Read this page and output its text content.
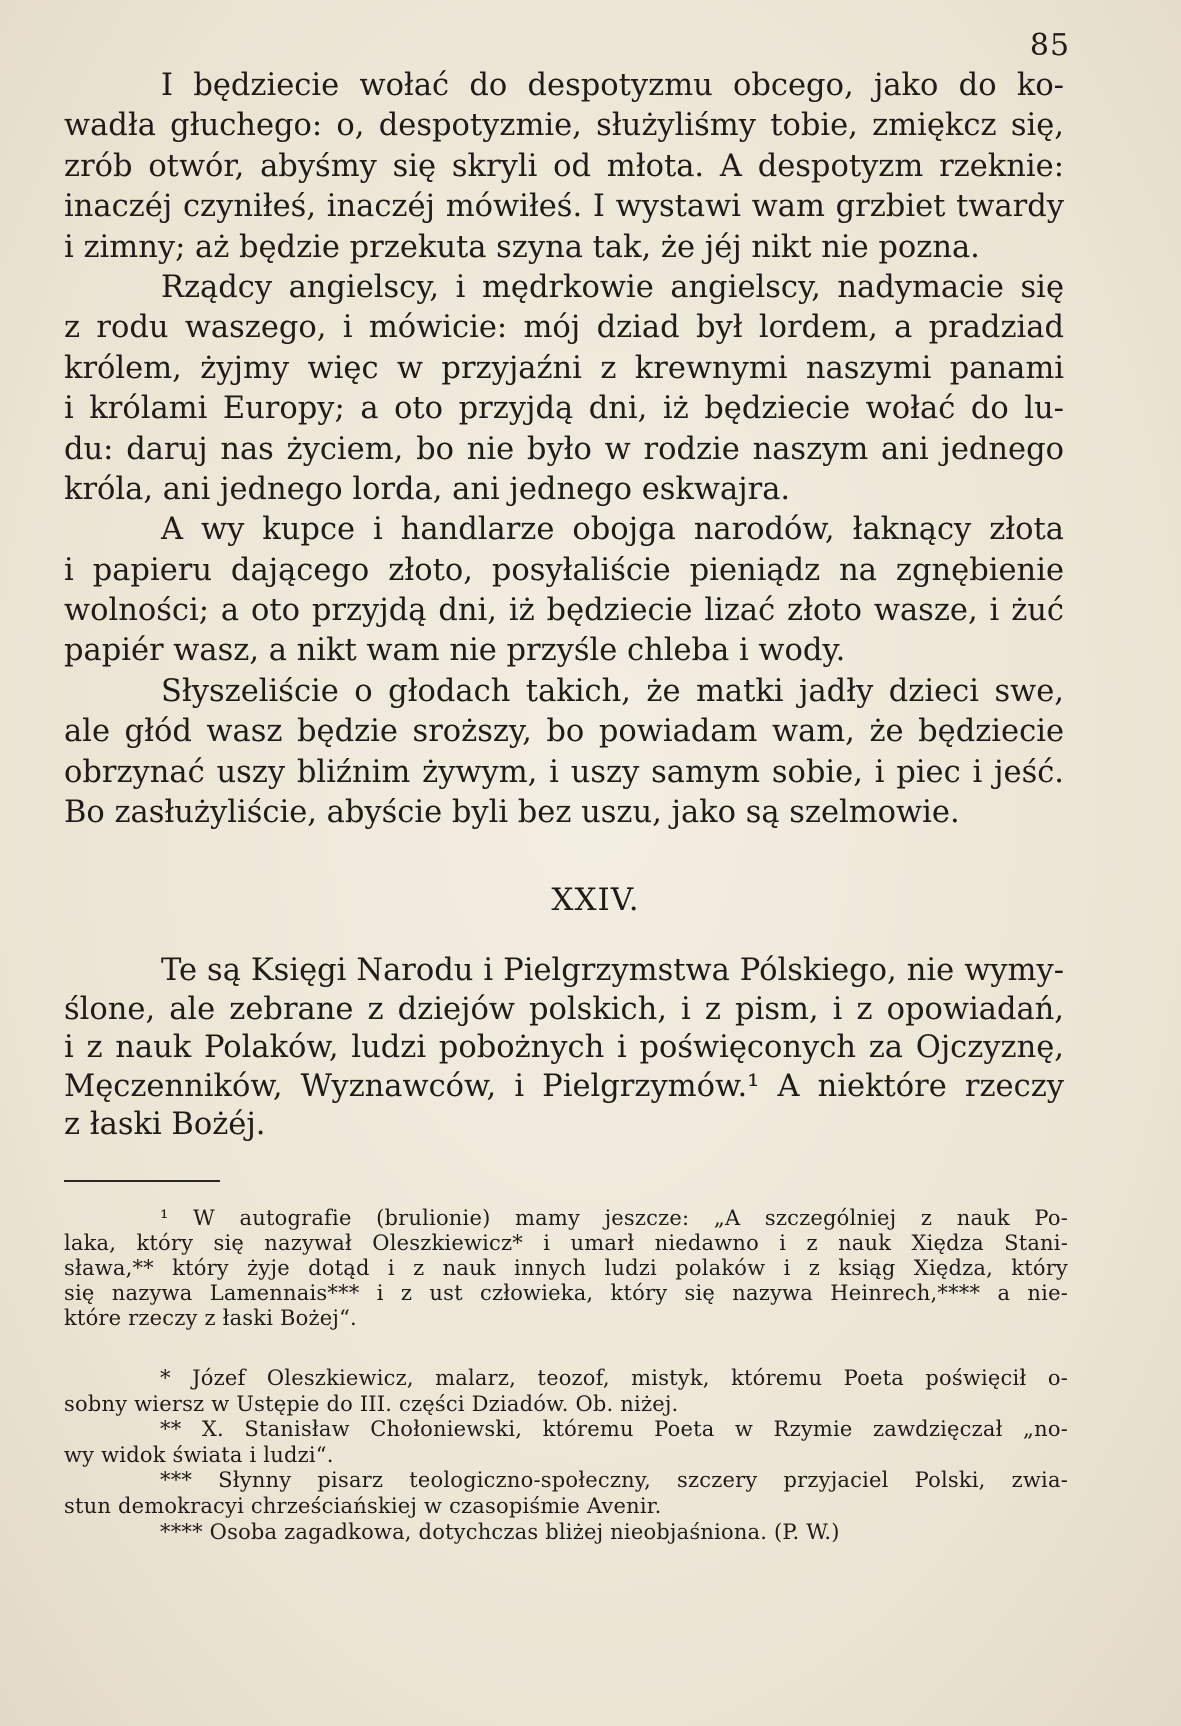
85
I będziecie wołać do despotyzmu obcego, jako do ko-
wadła głuchego: o, despotyzmie, służyliśmy tobie, zmiękcz się,
zrób otwór, abyśmy się skryli od młota. A despotyzm rzeknie:
inaczéj czyniłeś, inaczéj mówiłeś. I wystawi wam grzbiet twardy
i zimny; aż będzie przekuta szyna tak, że jéj nikt nie pozna.
Rządcy angielscy, i mędrkowie angielscy, nadymacie się
z rodu waszego, i mówicie: mój dziad był lordem, a pradziad
królem, żyjmy więc w przyjaźni z krewnymi naszymi panami
i królami Europy; a oto przyjdą dni, iż będziecie wołać do lu-
du: daruj nas życiem, bo nie było w rodzie naszym ani jednego
króla, ani jednego lorda, ani jednego eskwajra.
A wy kupce i handlarze obojga narodów, łaknący złota
i papieru dającego złoto, posyłaliście pieniądz na zgnębienie
wolności; a oto przyjdą dni, iż będziecie lizać złoto wasze, i żuć
papiér wasz, a nikt wam nie przyśle chleba i wody.
Słyszeliście o głodach takich, że matki jadły dzieci swe,
ale głód wasz będzie sroższy, bo powiadam wam, że będziecie
obrzynać uszy bliźnim żywym, i uszy samym sobie, i piec i jeść.
Bo zasłużyliście, abyście byli bez uszu, jako są szelmowie.
XXIV.
Te są Księgi Narodu i Pielgrzymstwa Pólskiego, nie wymy-
ślone, ale zebrane z dziejów polskich, i z pism, i z opowiadań,
i z nauk Polaków, ludzi pobożnych i poświęconych za Ojczyznę,
Męczenników, Wyznawców, i Pielgrzymów.¹ A niektóre rzeczy
z łaski Bożéj.
¹ W autografie (brulionie) mamy jeszcze: „A szczególniej z nauk Po-
laka, który się nazywał Oleszkiewicz* i umarł niedawno i z nauk Xiędza Stani-
sława,** który żyje dotąd i z nauk innych ludzi polaków i z ksiąg Xiędza, który
się nazywa Lamennais*** i z ust człowieka, który się nazywa Heinrech,**** a nie-
które rzeczy z łaski Bożej“.
* Józef Oleszkiewicz, malarz, teozof, mistyk, któremu Poeta poświęcił o-
sobny wiersz w Ustępie do III. części Dziadów. Ob. niżej.
** X. Stanisław Chołoniewski, któremu Poeta w Rzymie zawdzięczał „no-
wy widok świata i ludzi“.
*** Słynny pisarz teologiczno-społeczny, szczery przyjaciel Polski, zwia-
stun demokracyi chrześciańskiej w czasopiśmie Avenir.
**** Osoba zagadkowa, dotychczas bliżej nieobjaśniona. (P. W.)
